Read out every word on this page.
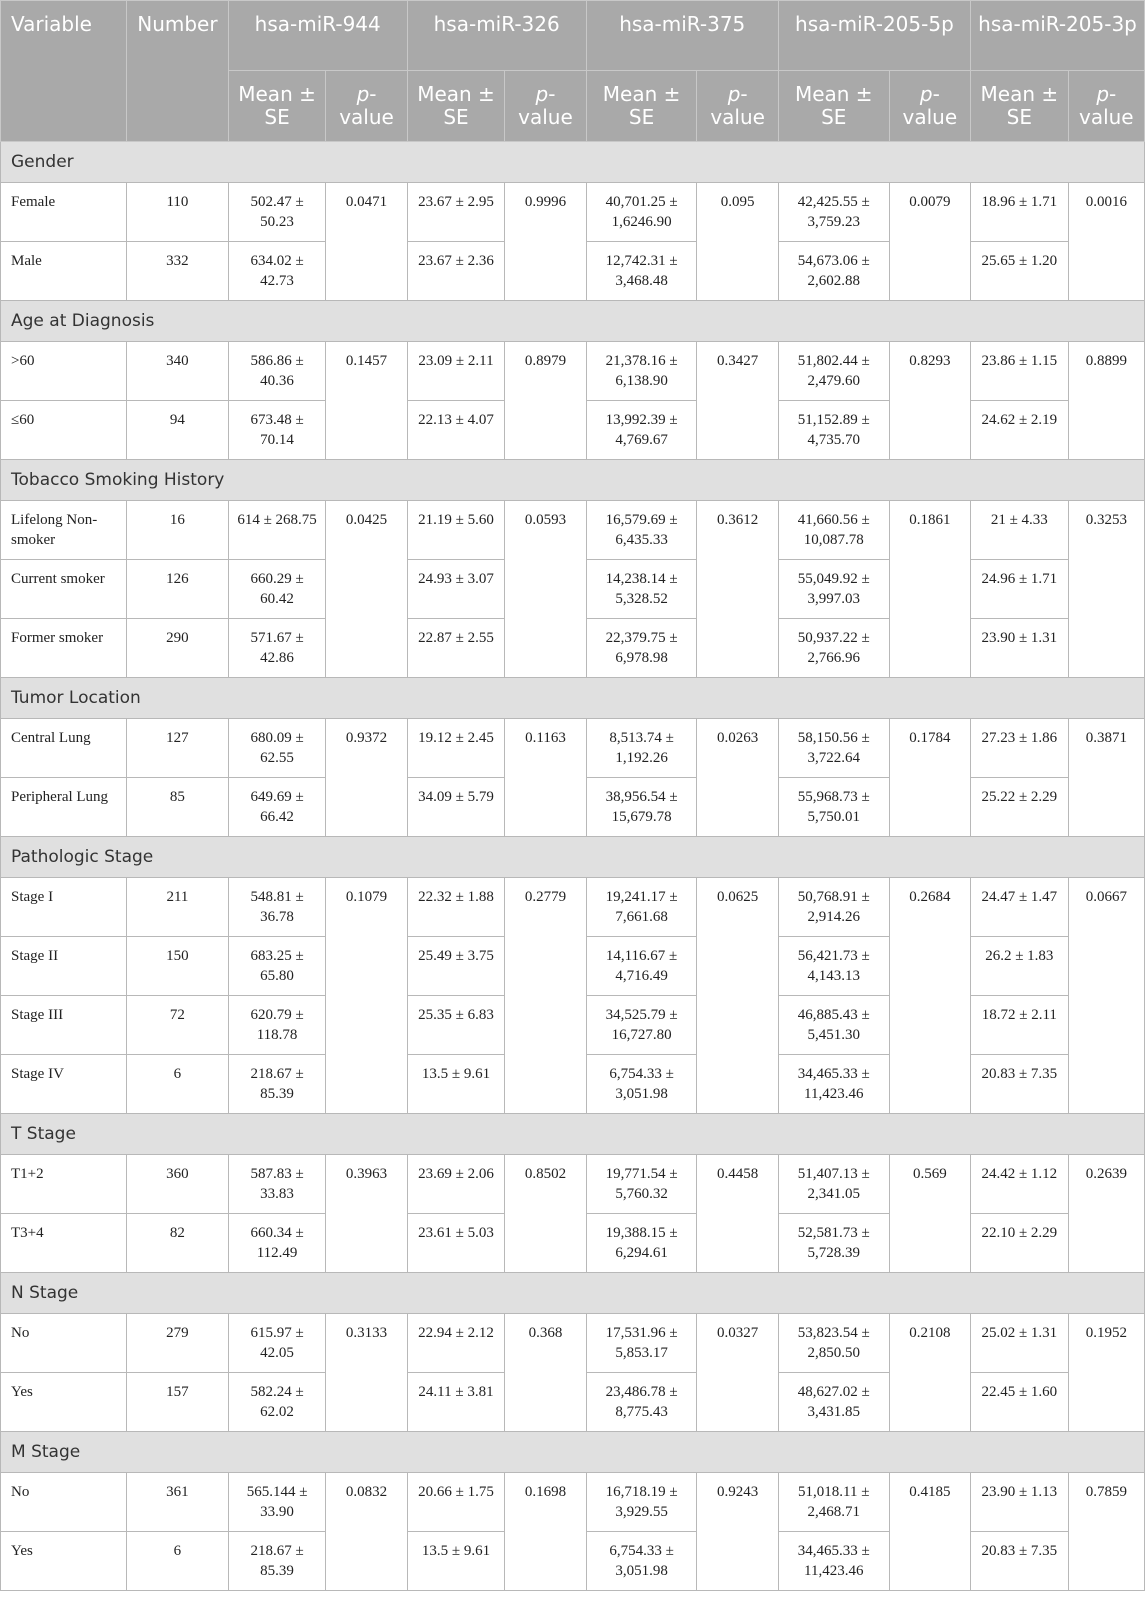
Variable	Number	hsa-miR-944		hsa-miR-326		hsa-miR-375		hsa-miR-205-5p		hsa-miR-205-3p	
		Mean ± SE	p-value	Mean ± SE	p-value	Mean ± SE	p-value	Mean ± SE	p-value	Mean ± SE	p-value
Gender											
Female	110	502.47 ± 50.23	0.0471	23.67 ± 2.95	0.9996	40,701.25 ± 1,6246.90	0.095	42,425.55 ± 3,759.23	0.0079	18.96 ± 1.71	0.0016
Male	332	634.02 ± 42.73		23.67 ± 2.36		12,742.31 ± 3,468.48		54,673.06 ± 2,602.88		25.65 ± 1.20	
Age at Diagnosis											
>60	340	586.86 ± 40.36	0.1457	23.09 ± 2.11	0.8979	21,378.16 ± 6,138.90	0.3427	51,802.44 ± 2,479.60	0.8293	23.86 ± 1.15	0.8899
≤60	94	673.48 ± 70.14		22.13 ± 4.07		13,992.39 ± 4,769.67		51,152.89 ± 4,735.70		24.62 ± 2.19	
Tobacco Smoking History											
Lifelong Non-smoker	16	614 ± 268.75	0.0425	21.19 ± 5.60	0.0593	16,579.69 ± 6,435.33	0.3612	41,660.56 ± 10,087.78	0.1861	21 ± 4.33	0.3253
Current smoker	126	660.29 ± 60.42		24.93 ± 3.07		14,238.14 ± 5,328.52		55,049.92 ± 3,997.03		24.96 ± 1.71	
Former smoker	290	571.67 ± 42.86		22.87 ± 2.55		22,379.75 ± 6,978.98		50,937.22 ± 2,766.96		23.90 ± 1.31	
Tumor Location											
Central Lung	127	680.09 ± 62.55	0.9372	19.12 ± 2.45	0.1163	8,513.74 ± 1,192.26	0.0263	58,150.56 ± 3,722.64	0.1784	27.23 ± 1.86	0.3871
Peripheral Lung	85	649.69 ± 66.42		34.09 ± 5.79		38,956.54 ± 15,679.78		55,968.73 ± 5,750.01		25.22 ± 2.29	
Pathologic Stage											
Stage I	211	548.81 ± 36.78	0.1079	22.32 ± 1.88	0.2779	19,241.17 ± 7,661.68	0.0625	50,768.91 ± 2,914.26	0.2684	24.47 ± 1.47	0.0667
Stage II	150	683.25 ± 65.80		25.49 ± 3.75		14,116.67 ± 4,716.49		56,421.73 ± 4,143.13		26.2 ± 1.83	
Stage III	72	620.79 ± 118.78		25.35 ± 6.83		34,525.79 ± 16,727.80		46,885.43 ± 5,451.30		18.72 ± 2.11	
Stage IV	6	218.67 ± 85.39		13.5 ± 9.61		6,754.33 ± 3,051.98		34,465.33 ± 11,423.46		20.83 ± 7.35	
T Stage											
T1+2	360	587.83 ± 33.83	0.3963	23.69 ± 2.06	0.8502	19,771.54 ± 5,760.32	0.4458	51,407.13 ± 2,341.05	0.569	24.42 ± 1.12	0.2639
T3+4	82	660.34 ± 112.49		23.61 ± 5.03		19,388.15 ± 6,294.61		52,581.73 ± 5,728.39		22.10 ± 2.29	
N Stage											
No	279	615.97 ± 42.05	0.3133	22.94 ± 2.12	0.368	17,531.96 ± 5,853.17	0.0327	53,823.54 ± 2,850.50	0.2108	25.02 ± 1.31	0.1952
Yes	157	582.24 ± 62.02		24.11 ± 3.81		23,486.78 ± 8,775.43		48,627.02 ± 3,431.85		22.45 ± 1.60	
M Stage											
No	361	565.144 ± 33.90	0.0832	20.66 ± 1.75	0.1698	16,718.19 ± 3,929.55	0.9243	51,018.11 ± 2,468.71	0.4185	23.90 ± 1.13	0.7859
Yes	6	218.67 ± 85.39		13.5 ± 9.61		6,754.33 ± 3,051.98		34,465.33 ± 11,423.46		20.83 ± 7.35	
